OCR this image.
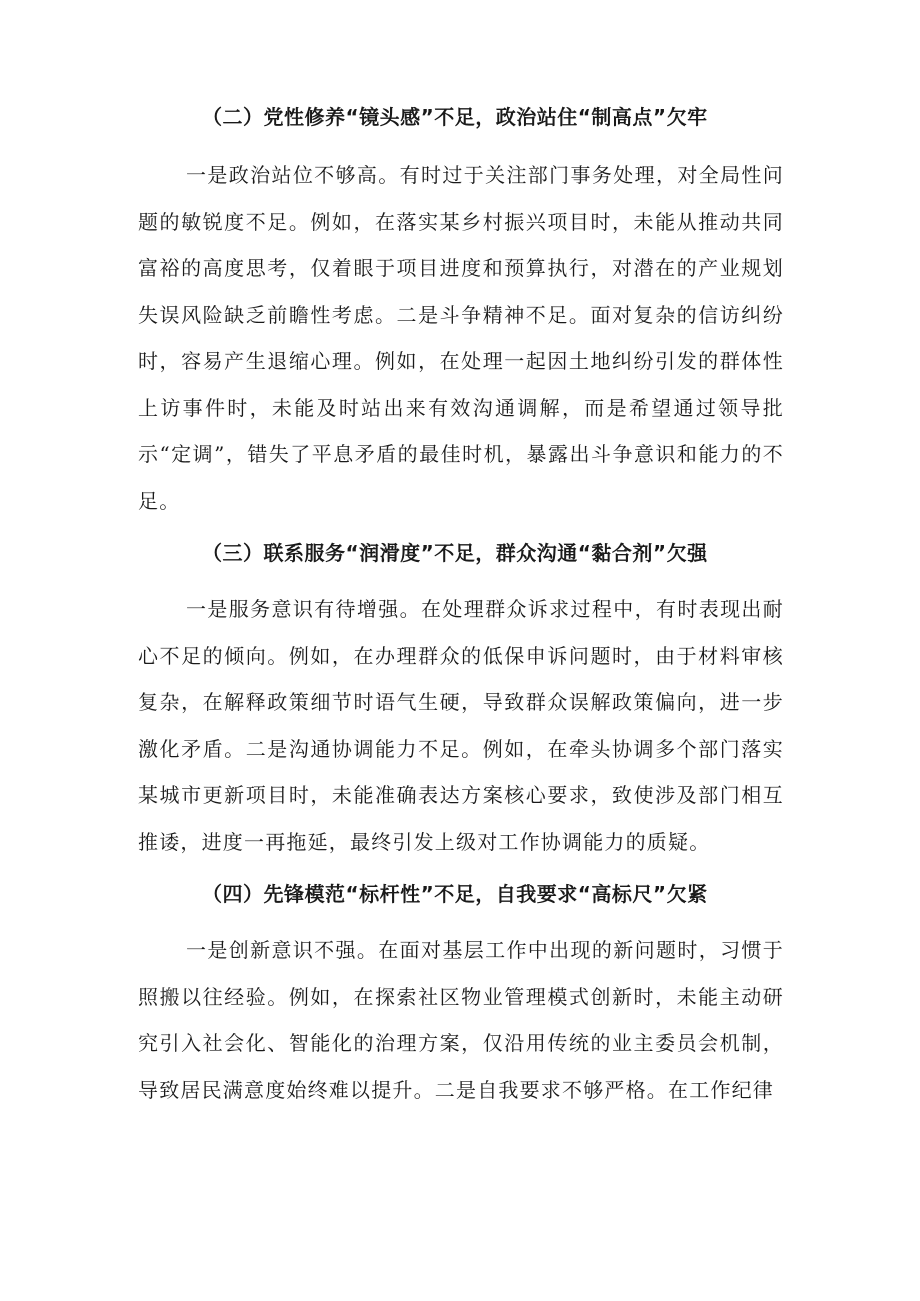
（二）党性修养“镜头感”不足，政治站住“制高点”欠牢

一是政治站位不够高。有时过于关注部门事务处理，对全局性问题的敏锐度不足。例如，在落实某乡村振兴项目时，未能从推动共同富裕的高度思考，仅着眼于项目进度和预算执行，对潜在的产业规划失误风险缺乏前瞻性考虑。二是斗争精神不足。面对复杂的信访纠纷时，容易产生退缩心理。例如，在处理一起因土地纠纷引发的群体性上访事件时，未能及时站出来有效沟通调解，而是希望通过领导批示“定调”，错失了平息矛盾的最佳时机，暴露出斗争意识和能力的不足。

（三）联系服务“润滑度”不足，群众沟通“黏合剂”欠强

一是服务意识有待增强。在处理群众诉求过程中，有时表现出耐心不足的倾向。例如，在办理群众的低保申诉问题时，由于材料审核复杂，在解释政策细节时语气生硬，导致群众误解政策偏向，进一步激化矛盾。二是沟通协调能力不足。例如，在牵头协调多个部门落实某城市更新项目时，未能准确表达方案核心要求，致使涉及部门相互推诿，进度一再拖延，最终引发上级对工作协调能力的质疑。

（四）先锋模范“标杆性”不足，自我要求“高标尺”欠紧

一是创新意识不强。在面对基层工作中出现的新问题时，习惯于照搬以往经验。例如，在探索社区物业管理模式创新时，未能主动研究引入社会化、智能化的治理方案，仅沿用传统的业主委员会机制，导致居民满意度始终难以提升。二是自我要求不够严格。在工作纪律
